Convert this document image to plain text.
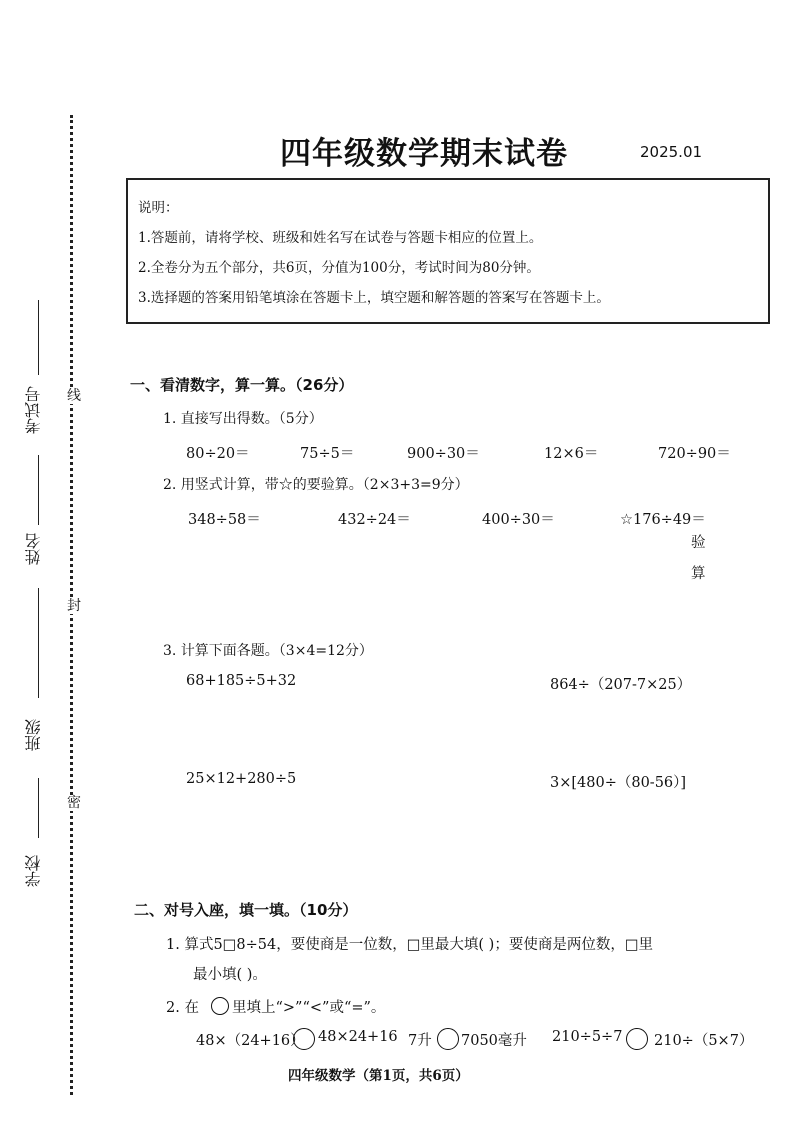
线
封
密
考试号
姓名
班级
学校
四年级数学期末试卷	2025.01
说明：
1.答题前，请将学校、班级和姓名写在试卷与答题卡相应的位置上。
2.全卷分为五个部分，共6页，分值为100分，考试时间为80分钟。
3.选择题的答案用铅笔填涂在答题卡上，填空题和解答题的答案写在答题卡上。
一、看清数字，算一算。（26分）
1. 直接写出得数。（5分）
80÷20＝	75÷5＝	900÷30＝	12×6＝	720÷90＝
2. 用竖式计算，带☆的要验算。（2×3+3=9分）
348÷58＝	432÷24＝	400÷30＝	☆176÷49＝
验
算
3. 计算下面各题。（3×4=12分）
68+185÷5+32	864÷（207-7×25）
25×12+280÷5	3×[480÷（80-56）]
二、对号入座，填一填。（10分）
1. 算式5□8÷54，要使商是一位数，□里最大填( )；要使商是两位数，□里
最小填( )。
2. 在 里填上“>”“<”或“=”。
48×（24+16） 48×24+16 7升 7050毫升 210÷5÷7 210÷（5×7）
四年级数学（第1页，共6页）
